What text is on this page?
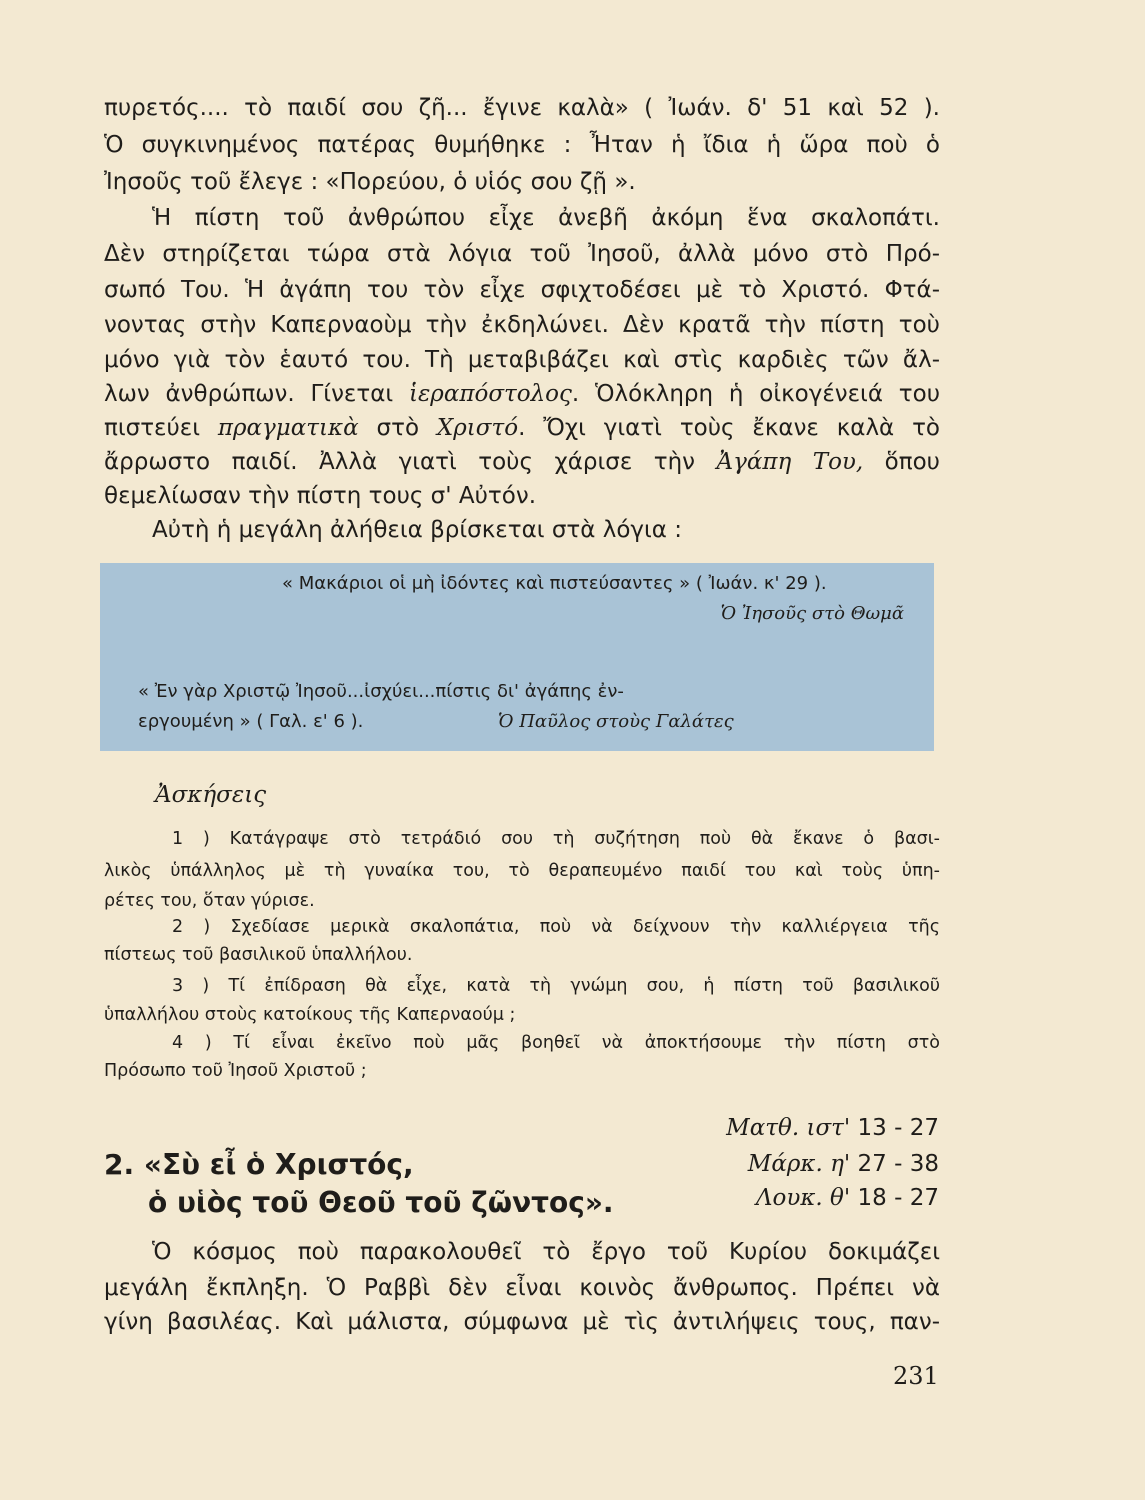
πυρετός.... τὸ παιδί σου ζῆ... ἔγινε καλὰ» ( Ἰωάν. δ' 51 καὶ 52 ).
Ὁ συγκινημένος πατέρας θυμήθηκε : Ἦταν ἡ ἴδια ἡ ὥρα ποὺ ὁ
Ἰησοῦς τοῦ ἔλεγε : «Πορεύου, ὁ υἱός σου ζῇ ».
Ἡ πίστη τοῦ ἀνθρώπου εἶχε ἀνεβῆ ἀκόμη ἕνα σκαλοπάτι.
Δὲν στηρίζεται τώρα στὰ λόγια τοῦ Ἰησοῦ, ἀλλὰ μόνο στὸ Πρό-
σωπό Του. Ἡ ἀγάπη του τὸν εἶχε σφιχτοδέσει μὲ τὸ Χριστό. Φτά-
νοντας στὴν Καπερναοὺμ τὴν ἐκδηλώνει. Δὲν κρατᾶ τὴν πίστη τοὺ
μόνο γιὰ τὸν ἑαυτό του. Τὴ μεταβιβάζει καὶ στὶς καρδιὲς τῶν ἄλ-
λων ἀνθρώπων. Γίνεται ἱεραπόστολος. Ὁλόκληρη ἡ οἰκογένειά του
πιστεύει πραγματικὰ στὸ Χριστό. Ὄχι γιατὶ τοὺς ἔκανε καλὰ τὸ
ἄρρωστο παιδί. Ἀλλὰ γιατὶ τοὺς χάρισε τὴν Ἀγάπη Του, ὅπου
θεμελίωσαν τὴν πίστη τους σ' Αὐτόν.
Αὐτὴ ἡ μεγάλη ἀλήθεια βρίσκεται στὰ λόγια :
« Μακάριοι οἱ μὴ ἰδόντες καὶ πιστεύσαντες » ( Ἰωάν. κ' 29 ).
Ὁ Ἰησοῦς στὸ Θωμᾶ
« Ἐν γὰρ Χριστῷ Ἰησοῦ...ἰσχύει...πίστις δι' ἀγάπης ἐν-
εργουμένη » ( Γαλ. ε' 6 ).	Ὁ Παῦλος στοὺς Γαλάτες
Ἀσκήσεις
1 ) Κατάγραψε στὸ τετράδιό σου τὴ συζήτηση ποὺ θὰ ἔκανε ὁ βασι-
λικὸς ὑπάλληλος μὲ τὴ γυναίκα του, τὸ θεραπευμένο παιδί του καὶ τοὺς ὑπη-
ρέτες του, ὅταν γύρισε.
2 ) Σχεδίασε μερικὰ σκαλοπάτια, ποὺ νὰ δείχνουν τὴν καλλιέργεια τῆς
πίστεως τοῦ βασιλικοῦ ὑπαλλήλου.
3 ) Τί ἐπίδραση θὰ εἶχε, κατὰ τὴ γνώμη σου, ἡ πίστη τοῦ βασιλικοῦ
ὑπαλλήλου στοὺς κατοίκους τῆς Καπερναούμ ;
4 ) Τί εἶναι ἐκεῖνο ποὺ μᾶς βοηθεῖ νὰ ἀποκτήσουμε τὴν πίστη στὸ
Πρόσωπο τοῦ Ἰησοῦ Χριστοῦ ;
Ματθ. ιστ' 13 - 27
Μάρκ. η' 27 - 38
Λουκ. θ' 18 - 27
2. «Σὺ εἶ ὁ Χριστός,
ὁ υἱὸς τοῦ Θεοῦ τοῦ ζῶντος».
Ὁ κόσμος ποὺ παρακολουθεῖ τὸ ἔργο τοῦ Κυρίου δοκιμάζει
μεγάλη ἔκπληξη. Ὁ Ραββὶ δὲν εἶναι κοινὸς ἄνθρωπος. Πρέπει νὰ
γίνη βασιλέας. Καὶ μάλιστα, σύμφωνα μὲ τὶς ἀντιλήψεις τους, παν-
231
